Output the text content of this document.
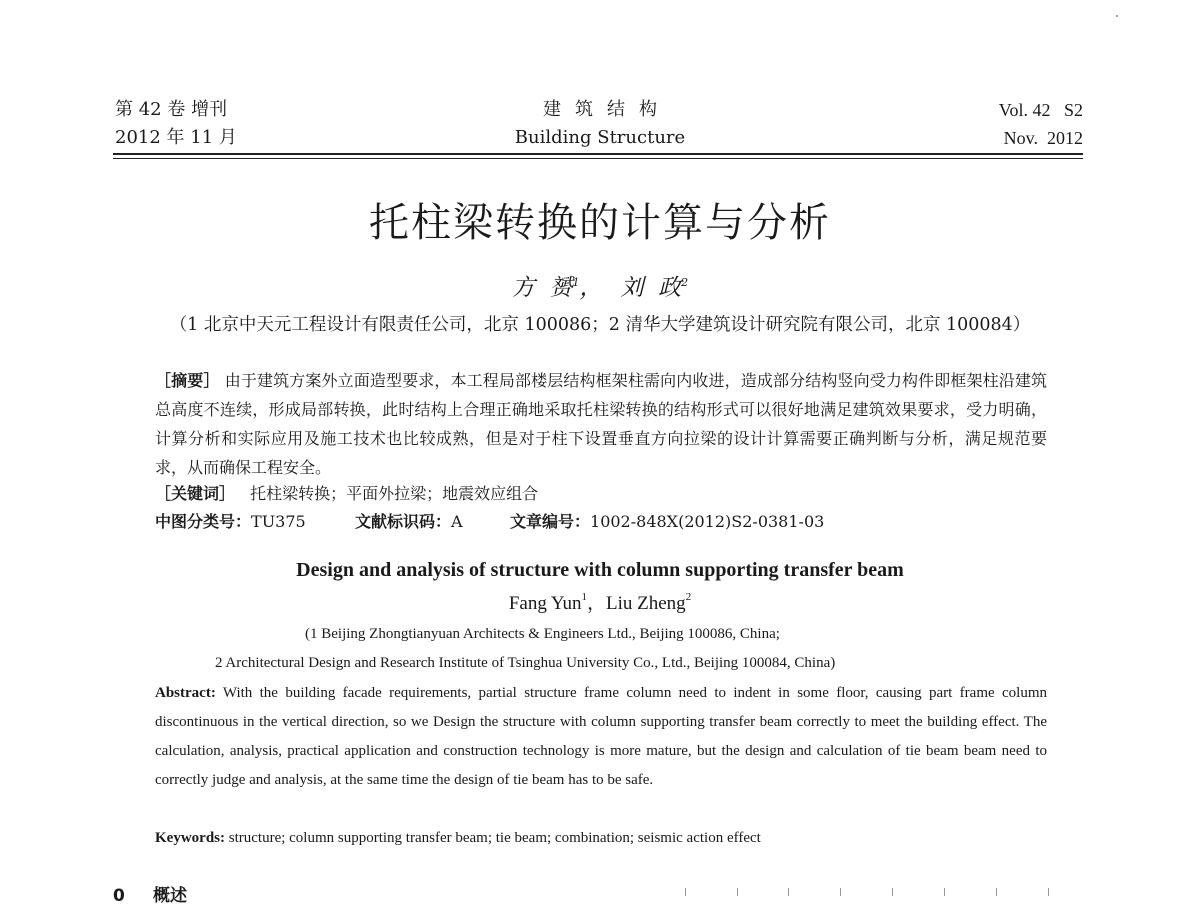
第 42 卷 增刊
2012 年 11 月
建筑结构
Building Structure
Vol. 42   S2
Nov.  2012
托柱梁转换的计算与分析
方  赟$^1$， 刘  政$^2$
（1 北京中天元工程设计有限责任公司，北京 100086；2 清华大学建筑设计研究院有限公司，北京 100084）
［摘要］ 由于建筑方案外立面造型要求，本工程局部楼层结构框架柱需向内收进，造成部分结构竖向受力构件即框架柱沿建筑总高度不连续，形成局部转换，此时结构上合理正确地采取托柱梁转换的结构形式可以很好地满足建筑效果要求，受力明确，计算分析和实际应用及施工技术也比较成熟，但是对于柱下设置垂直方向拉梁的设计计算需要正确判断与分析，满足规范要求，从而确保工程安全。
［关键词］ 托柱梁转换；平面外拉梁；地震效应组合
中图分类号：TU375	文献标识码：A	文章编号：1002-848X(2012)S2-0381-03
Design and analysis of structure with column supporting transfer beam
Fang Yun$^1$，Liu Zheng$^2$
(1 Beijing Zhongtianyuan Architects & Engineers Ltd., Beijing 100086, China;
2 Architectural Design and Research Institute of Tsinghua University Co., Ltd., Beijing 100084, China)
Abstract: With the building facade requirements, partial structure frame column need to indent in some floor, causing part frame column discontinuous in the vertical direction, so we Design the structure with column supporting transfer beam correctly to meet the building effect. The calculation, analysis, practical application and construction technology is more mature, but the design and calculation of tie beam beam need to correctly judge and analysis, at the same time the design of tie beam has to be safe.
Keywords: structure; column supporting transfer beam; tie beam; combination; seismic action effect
0 概述
